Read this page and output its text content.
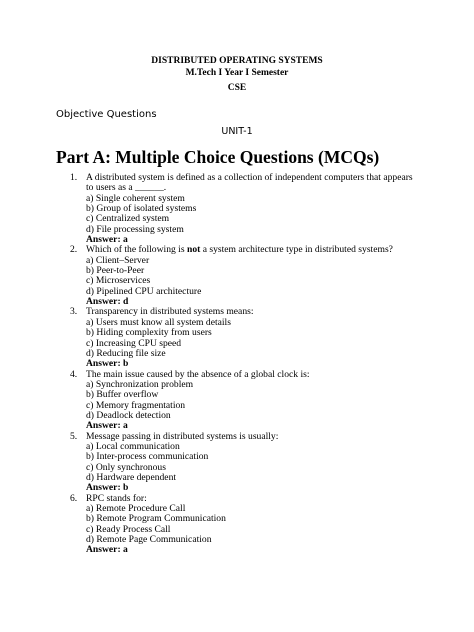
DISTRIBUTED OPERATING SYSTEMS
M.Tech I Year I Semester
CSE
Objective Questions
UNIT-1
Part A: Multiple Choice Questions (MCQs)
1. A distributed system is defined as a collection of independent computers that appears
to users as a ______.
a) Single coherent system
b) Group of isolated systems
c) Centralized system
d) File processing system
Answer: a
2. Which of the following is not a system architecture type in distributed systems?
a) Client–Server
b) Peer-to-Peer
c) Microservices
d) Pipelined CPU architecture
Answer: d
3. Transparency in distributed systems means:
a) Users must know all system details
b) Hiding complexity from users
c) Increasing CPU speed
d) Reducing file size
Answer: b
4. The main issue caused by the absence of a global clock is:
a) Synchronization problem
b) Buffer overflow
c) Memory fragmentation
d) Deadlock detection
Answer: a
5. Message passing in distributed systems is usually:
a) Local communication
b) Inter-process communication
c) Only synchronous
d) Hardware dependent
Answer: b
6. RPC stands for:
a) Remote Procedure Call
b) Remote Program Communication
c) Ready Process Call
d) Remote Page Communication
Answer: a
